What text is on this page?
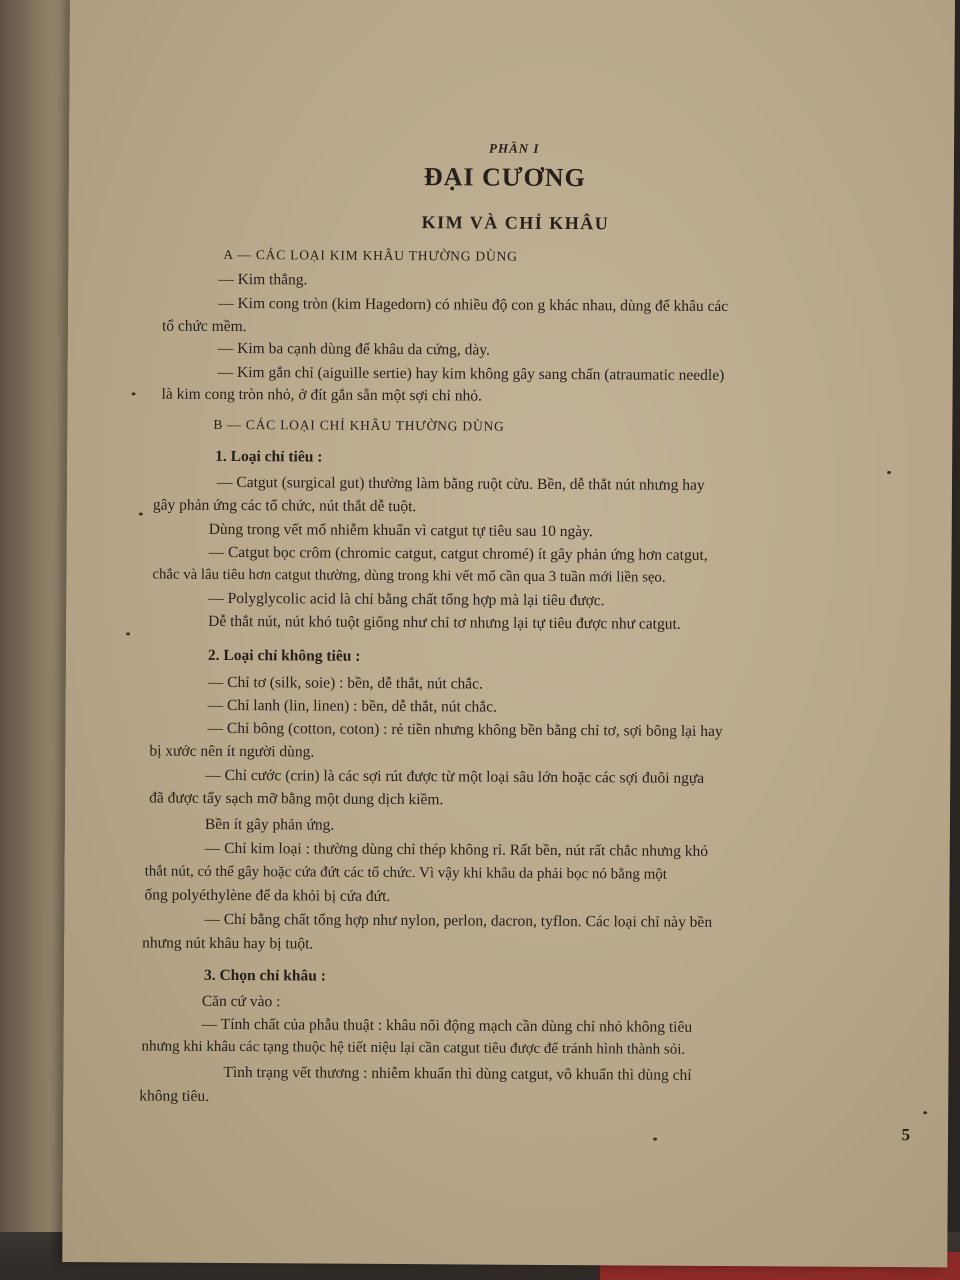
PHẦN I
ĐẠI CƯƠNG
KIM VÀ CHỈ KHÂU
A — CÁC LOẠI KIM KHÂU THƯỜNG DÙNG
— Kim thẳng.
— Kim cong tròn (kim Hagedorn) có nhiều độ con g khác nhau, dùng để khâu các
tổ chức mềm.
— Kim ba cạnh dùng để khâu da cứng, dày.
— Kim gắn chỉ (aiguille sertie) hay kim không gây sang chấn (atraumatic needle)
là kim cong tròn nhỏ, ở đít gắn sẵn một sợi chỉ nhỏ.
B — CÁC LOẠI CHỈ KHÂU THƯỜNG DÙNG
1. Loại chỉ tiêu :
— Catgut (surgical gut) thường làm bằng ruột cừu. Bền, dễ thắt nút nhưng hay
gây phản ứng các tổ chức, nút thắt dễ tuột.
Dùng trong vết mổ nhiễm khuẩn vì catgut tự tiêu sau 10 ngày.
— Catgut bọc crôm (chromic catgut, catgut chromé) ít gây phản ứng hơn catgut,
chắc và lâu tiêu hơn catgut thường, dùng trong khi vết mổ cần qua 3 tuần mới liền sẹo.
— Polyglycolic acid là chỉ bằng chất tổng hợp mà lại tiêu được.
Dễ thắt nút, nút khó tuột giống như chỉ tơ nhưng lại tự tiêu được như catgut.
2. Loại chỉ không tiêu :
— Chỉ tơ (silk, soie) : bền, dễ thắt, nút chắc.
— Chỉ lanh (lin, linen) : bền, dễ thắt, nút chắc.
— Chỉ bông (cotton, coton) : rẻ tiền nhưng không bền bằng chỉ tơ, sợi bông lại hay
bị xước nên ít người dùng.
— Chỉ cước (crin) là các sợi rút được từ một loại sâu lớn hoặc các sợi đuôi ngựa
đã được tẩy sạch mỡ bằng một dung dịch kiềm.
Bền ít gây phản ứng.
— Chỉ kim loại : thường dùng chỉ thép không rỉ. Rất bền, nút rất chắc nhưng khó
thắt nút, có thể gây hoặc cứa đứt các tổ chức. Vì vậy khi khâu da phải bọc nó bằng một
ống polyéthylène để da khỏi bị cứa đứt.
— Chỉ bằng chất tổng hợp như nylon, perlon, dacron, tyflon. Các loại chỉ này bền
nhưng nút khâu hay bị tuột.
3. Chọn chỉ khâu :
Căn cứ vào :
— Tính chất của phẫu thuật : khâu nối động mạch cần dùng chỉ nhỏ không tiêu
nhưng khi khâu các tạng thuộc hệ tiết niệu lại cần catgut tiêu được để tránh hình thành sỏi.
Tình trạng vết thương : nhiễm khuẩn thì dùng catgut, vô khuẩn thì dùng chỉ
không tiêu.
5
